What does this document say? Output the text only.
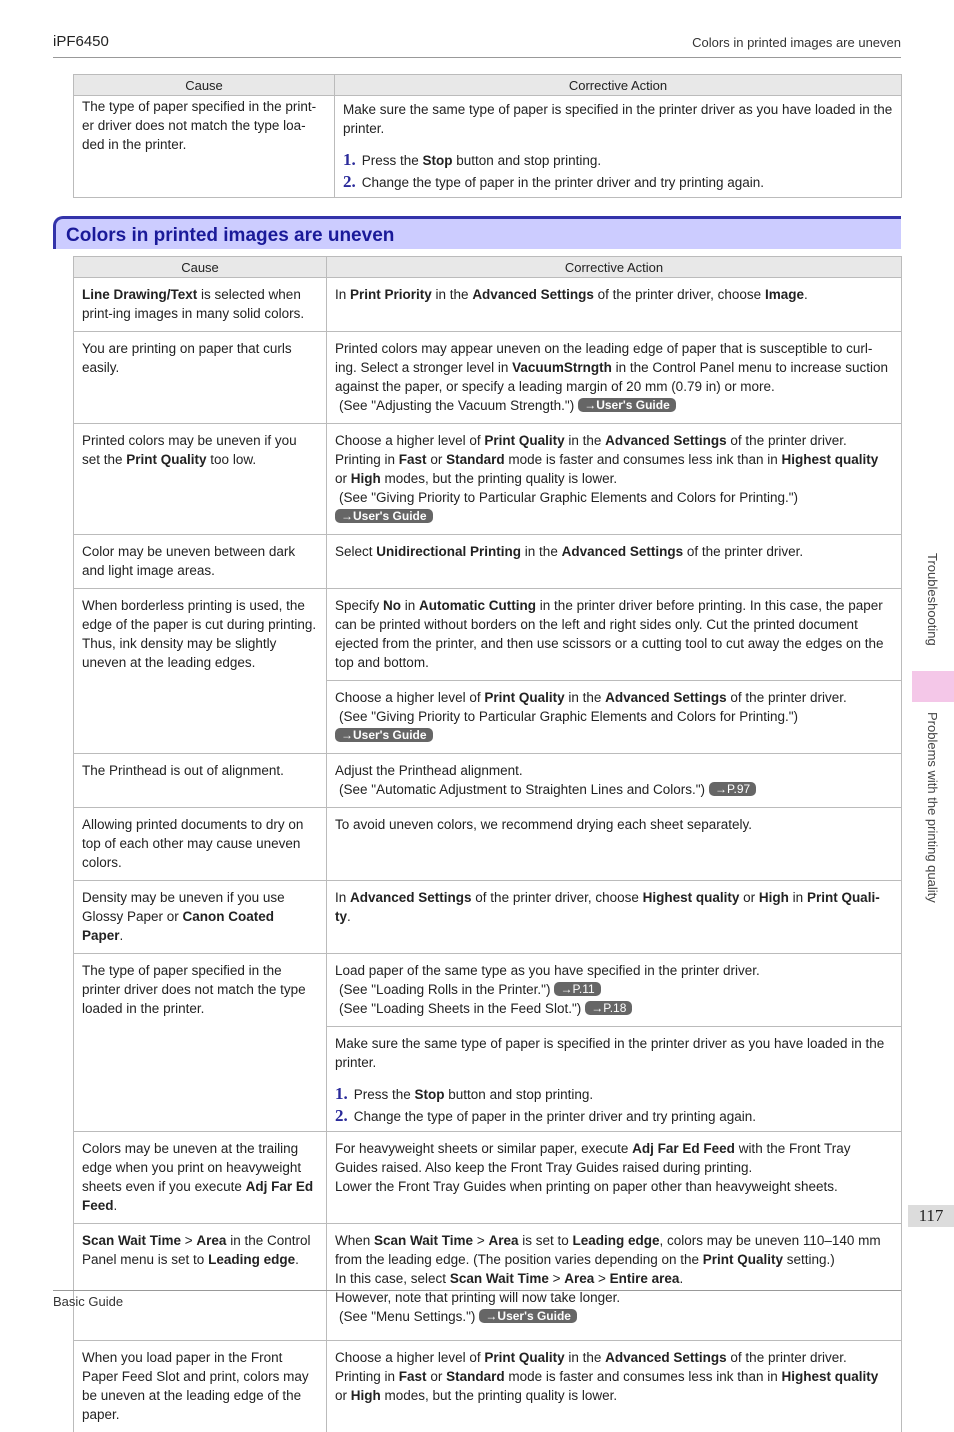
iPF6450	Colors in printed images are uneven
Cause	Corrective Action
The type of paper specified in the print-er driver does not match the type loa-ded in the printer.	Make sure the same type of paper is specified in the printer driver as you have loaded in the printer.
1. Press the Stop button and stop printing.
2. Change the type of paper in the printer driver and try printing again.
Colors in printed images are uneven
Cause	Corrective Action
Line Drawing/Text is selected when print-ing images in many solid colors.	In Print Priority in the Advanced Settings of the printer driver, choose Image.
You are printing on paper that curls easily.	Printed colors may appear uneven on the leading edge of paper that is susceptible to curl-ing. Select a stronger level in VacuumStrngth in the Control Panel menu to increase suction against the paper, or specify a leading margin of 20 mm (0.79 in) or more.
(See "Adjusting the Vacuum Strength.") →User's Guide

Printed colors may be uneven if you set the Print Quality too low.	Choose a higher level of Print Quality in the Advanced Settings of the printer driver. Printing in Fast or Standard mode is faster and consumes less ink than in Highest quality or High modes, but the printing quality is lower.
(See "Giving Priority to Particular Graphic Elements and Colors for Printing.")
→User's Guide
Color may be uneven between dark and light image areas.	Select Unidirectional Printing in the Advanced Settings of the printer driver.
When borderless printing is used, the edge of the paper is cut during printing. Thus, ink density may be slightly uneven at the leading edges.	Specify No in Automatic Cutting in the printer driver before printing. In this case, the paper can be printed without borders on the left and right sides only. Cut the printed document ejected from the printer, and then use scissors or a cutting tool to cut away the edges on the top and bottom.
	Choose a higher level of Print Quality in the Advanced Settings of the printer driver.
(See "Giving Priority to Particular Graphic Elements and Colors for Printing.")
→User's Guide
The Printhead is out of alignment.	Adjust the Printhead alignment.
(See "Automatic Adjustment to Straighten Lines and Colors.") →P.97

Allowing printed documents to dry on top of each other may cause uneven colors.	To avoid uneven colors, we recommend drying each sheet separately.
Density may be uneven if you use Glossy Paper or Canon Coated Paper.	In Advanced Settings of the printer driver, choose Highest quality or High in Print Quali-ty.
The type of paper specified in the printer driver does not match the type loaded in the printer.	Load paper of the same type as you have specified in the printer driver.
(See "Loading Rolls in the Printer.") →P.11
(See "Loading Sheets in the Feed Slot.") →P.18

	Make sure the same type of paper is specified in the printer driver as you have loaded in the printer.
1. Press the Stop button and stop printing.
2. Change the type of paper in the printer driver and try printing again.

Colors may be uneven at the trailing edge when you print on heavyweight sheets even if you execute Adj Far Ed Feed.	For heavyweight sheets or similar paper, execute Adj Far Ed Feed with the Front Tray Guides raised. Also keep the Front Tray Guides raised during printing.
Lower the Front Tray Guides when printing on paper other than heavyweight sheets.
Scan Wait Time > Area in the Control Panel menu is set to Leading edge.	When Scan Wait Time > Area is set to Leading edge, colors may be uneven 110–140 mm from the leading edge. (The position varies depending on the Print Quality setting.)
In this case, select Scan Wait Time > Area > Entire area.
However, note that printing will now take longer.
(See "Menu Settings.") →User's Guide

When you load paper in the Front Paper Feed Slot and print, colors may be uneven at the leading edge of the paper.	Choose a higher level of Print Quality in the Advanced Settings of the printer driver. Printing in Fast or Standard mode is faster and consumes less ink than in Highest quality or High modes, but the printing quality is lower.
Troubleshooting
Problems with the printing quality
117
Basic Guide
